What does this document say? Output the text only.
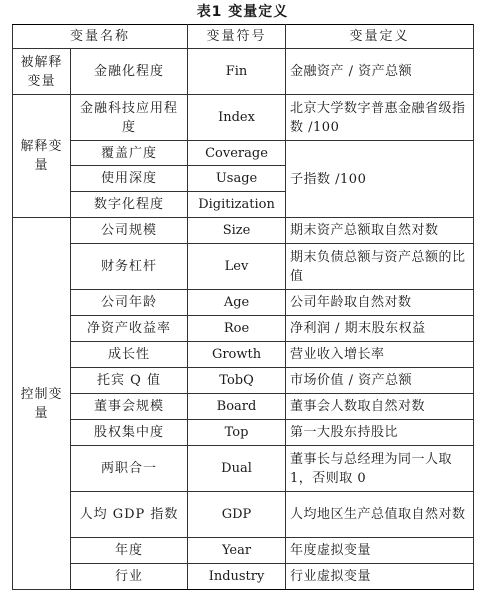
表1 变量定义
变量名称		变量符号	变量定义
被解释变量	金融化程度	Fin	金融资产 / 资产总额
解释变量	金融科技应用程度	Index	北京大学数字普惠金融省级指数 /100
	覆盖广度	Coverage	子指数 /100
	使用深度	Usage	
	数字化程度	Digitization	
控制变量	公司规模	Size	期末资产总额取自然对数
	财务杠杆	Lev	期末负债总额与资产总额的比值
	公司年龄	Age	公司年龄取自然对数
	净资产收益率	Roe	净利润 / 期末股东权益
	成长性	Growth	营业收入增长率
	托宾 Q 值	TobQ	市场价值 / 资产总额
	董事会规模	Board	董事会人数取自然对数
	股权集中度	Top	第一大股东持股比
	两职合一	Dual	董事长与总经理为同一人取 1，否则取 0
	人均 GDP 指数	GDP	人均地区生产总值取自然对数
	年度	Year	年度虚拟变量
	行业	Industry	行业虚拟变量
